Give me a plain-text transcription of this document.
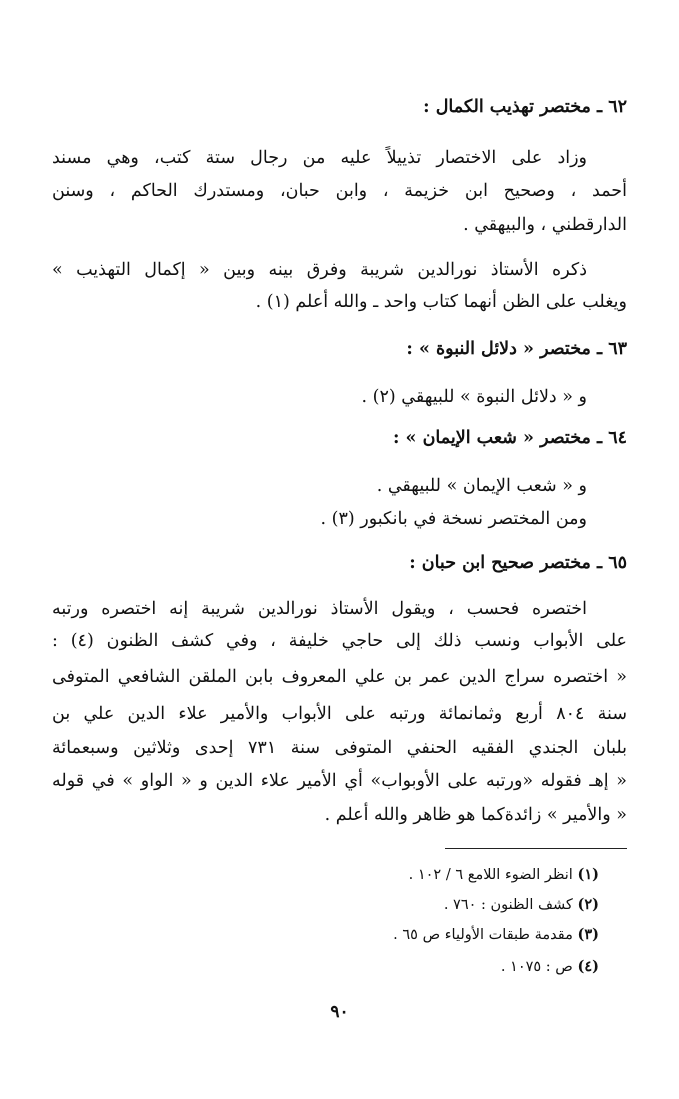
٦٢ ـ مختصر تهذيب الكمال :
وزاد على الاختصار تذييلاً عليه من رجال ستة كتب، وهي مسند
أحمد ، وصحيح ابن خزيمة ، وابن حبان، ومستدرك الحاكم ، وسنن
الدارقطني ، والبيهقي .
ذكره الأستاذ نورالدين شريبة وفرق بينه وبين « إكمال التهذيب »
ويغلب على الظن أنهما كتاب واحد ـ والله أعلم (١) .
٦٣ ـ مختصر « دلائل النبوة » :
و « دلائل النبوة » للبيهقي (٢) .
٦٤ ـ مختصر « شعب الإيمان » :
و « شعب الإيمان » للبيهقي .
ومن المختصر نسخة في بانكبور (٣) .
٦٥ ـ مختصر صحيح ابن حبان :
اختصره فحسب ، ويقول الأستاذ نورالدين شريبة إنه اختصره ورتبه
على الأبواب ونسب ذلك إلى حاجي خليفة ، وفي كشف الظنون (٤) :
« اختصره سراج الدين عمر بن علي المعروف بابن الملقن الشافعي المتوفى
سنة ٨٠٤ أربع وثمانمائة ورتبه على الأبواب والأمير علاء الدين علي بن
بلبان الجندي الفقيه الحنفي المتوفى سنة ٧٣١ إحدى وثلاثين وسبعمائة
« إهـ فقوله «ورتبه على الأوبواب» أي الأمير علاء الدين و « الواو » في قوله
« والأمير » زائدةكما هو ظاهر والله أعلم .
(١) انظر الضوء اللامع ٦ / ١٠٢ .
(٢) كشف الظنون : ٧٦٠ .
(٣) مقدمة طبقات الأولياء ص ٦٥ .
(٤) ص : ١٠٧٥ .
٩٠
